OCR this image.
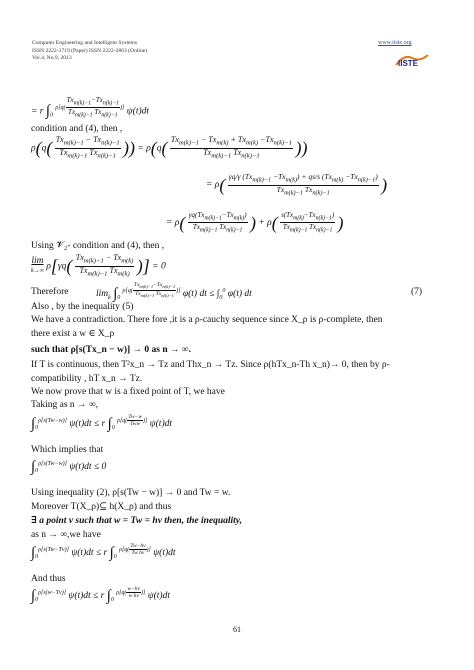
Computer Engineering and Intelligent Systems
ISSN 2222-1719 (Paper) ISSN 2222-2863 (Online)
Vol.4, No.9, 2013
www.iiste.org
IISTE
= r $\int_0$ $^{\rho[q( \frac{Tx_{m(k)-1}-Tx_{n(k)-1}}{Tx_{m(k)-1} Tx_{n(k)-1}} )]}$ ψ(t)dt
condition and (4), then ,
$\rho(q( \frac{Tx_{m(k)-1} - Tx_{n(k)-1}}{Tx_{m(k)-1} Tx_{n(k)-1}}$ )) = $\rho(q( \frac{Tx_{m(k)-1} - Tx_{m(k)} + Tx_{m(k)} -Tx_{n(k)-1}}{Tx_{m(k)-1} Tx_{n(k)-1}}$ ))
= $\rho( \frac{\gamma q/\gamma (Tx_{m(k)-1} -Tx_{m(k)}) + qs/s (Tx_{m(k)} -Tx_{n(k)-1})}{Tx_{m(k)-1} Tx_{n(k)-1}}$ )
= $\rho( \frac{\gamma q(Tx_{m(k)-1}-Tx_{m(k)})}{Tx_{m(k)-1} Tx_{n(k)-1}}$ ) + $\rho( \frac{s(Tx_{m(k)}-Tx_{n(k)-1})}{Tx_{m(k)-1} Tx_{n(k)-1}}$ )
Using 𝓥₂- condition and (4), then ,
lim
k→∞ $\rho[\gamma q( \frac{Tx_{m(k)-1} - Tx_{m(k)}}{Tx_{m(k)-1} Tx_{m(k)}}$ )] = 0
Therefore	$\lim_k \int_0$ $^{\rho[q( \frac{Tx_{m(k)-1}-Tx_{n(k)-1}}{Tx_{m(k)-1} Tx_{n(k)-1}} )]}$ φ(t) dt ≤ $\int_0^0$ φ(t) dt	(7)
Also , by the inequality (5)
We have a contradiction. There fore ,it is a ρ-cauchy sequence since X_ρ is ρ-complete, then
there exist a w ∈ X_ρ
such that ρ[s(Tx_n − w)] → 0 as n → ∞.
If T is continuous, then T²x_n → Tz and Thx_n → Tz. Since ρ(hTx_n-Th x_n)→ 0, then by ρ-
compatibility , hT x_n → Tz.
We now prove that w is a fixed point of T, we have
Taking as n → ∞,
$\int_0^{\rho[s(Tw-w)]}$ ψ(t)dt ≤ r $\int_0$ $^{\rho[q( \frac{Tw-w}{\text{Tww}} )]}$ ψ(t)dt
Which implies that
$\int_0^{\rho[s(Tw-w)]}$ ψ(t)dt ≤ 0
Using inequality (2), ρ[s(Tw − w)] → 0 and Tw = w.
Moreover T(X_ρ)⊆ h(X_ρ) and thus
∃ a point v such that w = Tw = hv then, the inequality,
as n → ∞,we have
$\int_0^{\rho[s(Tw-Tv)]}$ ψ(t)dt ≤ r $\int_0$ $^{\rho[q( \frac{Tw-hv}{\text{Tw hv}} )]}$ ψ(t)dt
And thus
$\int_0^{\rho[s(w-Tv)]}$ ψ(t)dt ≤ r $\int_0$ $^{\rho[q( \frac{w-hv}{\text{w hv}} )]}$ ψ(t)dt
61
